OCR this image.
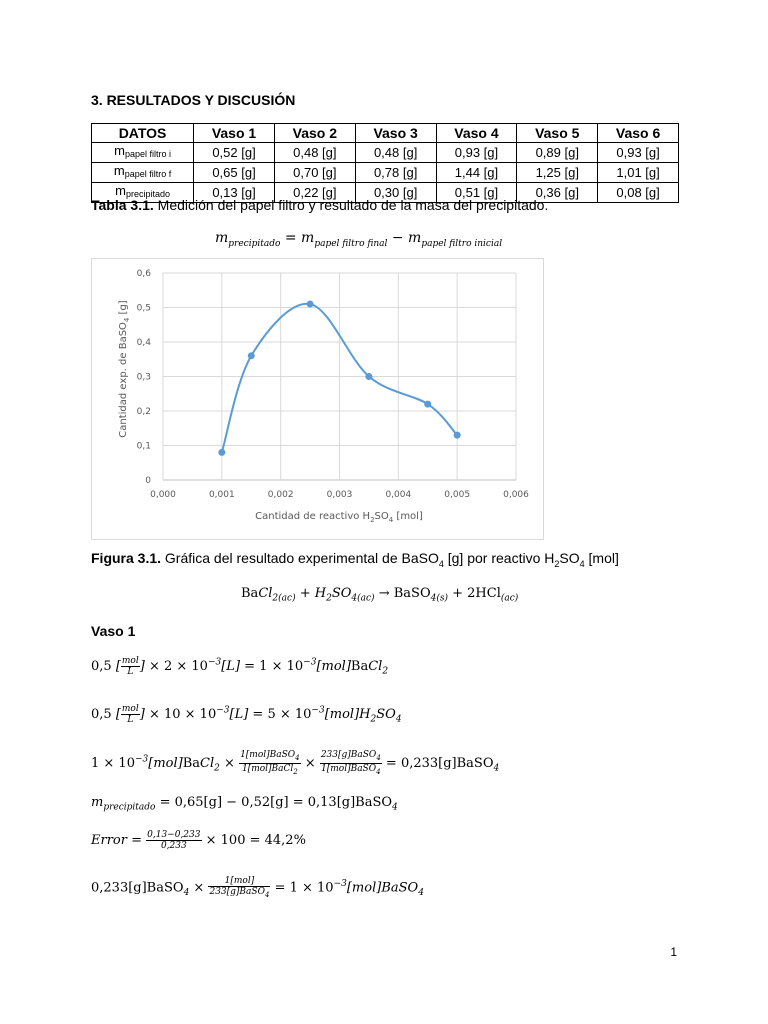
3. RESULTADOS Y DISCUSIÓN
DATOS	Vaso 1	Vaso 2	Vaso 3	Vaso 4	Vaso 5	Vaso 6
$m_{papel filtro i}$	0,52 [g]	0,48 [g]	0,48 [g]	0,93 [g]	0,89 [g]	0,93 [g]
$m_{papel filtro f}$	0,65 [g]	0,70 [g]	0,78 [g]	1,44 [g]	1,25 [g]	1,01 [g]
$m_{precipitado}$	0,13 [g]	0,22 [g]	0,30 [g]	0,51 [g]	0,36 [g]	0,08 [g]
Tabla 3.1. Medición del papel filtro y resultado de la masa del precipitado.
$m_{precipitado} = m_{papel filtro final} - m_{papel filtro inicial}$
0
0,1
0,2
0,3
0,4
0,5
0,6
0,000	0,001	0,002	0,003	0,004	0,005	0,006
Cantidad de reactivo $H_2SO_4$ [mol]
Cantidad exp. de BaSO$_4$ [g]
Figura 3.1. Gráfica del resultado experimental de BaSO$_4$ [g] por reactivo $H_2SO_4$ [mol]
BaCl$_{2(ac)}$ + $H_2SO_{4(ac)}$ → BaSO$_{4(s)}$ + 2HCl$_{(ac)}$
Vaso 1
0,5 [ $\frac{\text{mol}}{L}$ ] × $2 \times 10^{-3}[L] = 1$ × $10^{-3}[mol]BaCl_2$
0,5 [ $\frac{\text{mol}}{L}$ ] × $10 \times 10^{-3}[L] = 5 \times 10^{-3}[mol]H_2SO_4$
$1 \times 10^{-3}[mol]BaCl_2 \times \frac{1[mol]BaSO_4}{1[mol]BaCl_2} \times \frac{233[g]BaSO_4}{1[mol]BaSO_4}$ = 0,233[g]BaSO$_4$
$m_{precipitado} = 0,65[g] - 0,52[g]$ = 0,13[g]BaSO$_4$
Error = $\frac{0,13-0,233}{0,233} \times 100 = 44,2\%$
0,233[g]BaSO$_4$ × $\frac{\text{1[mol]}}{233[g]BaSO_4} = 1$ × $10^{-3}[mol]BaSO_4$
1
